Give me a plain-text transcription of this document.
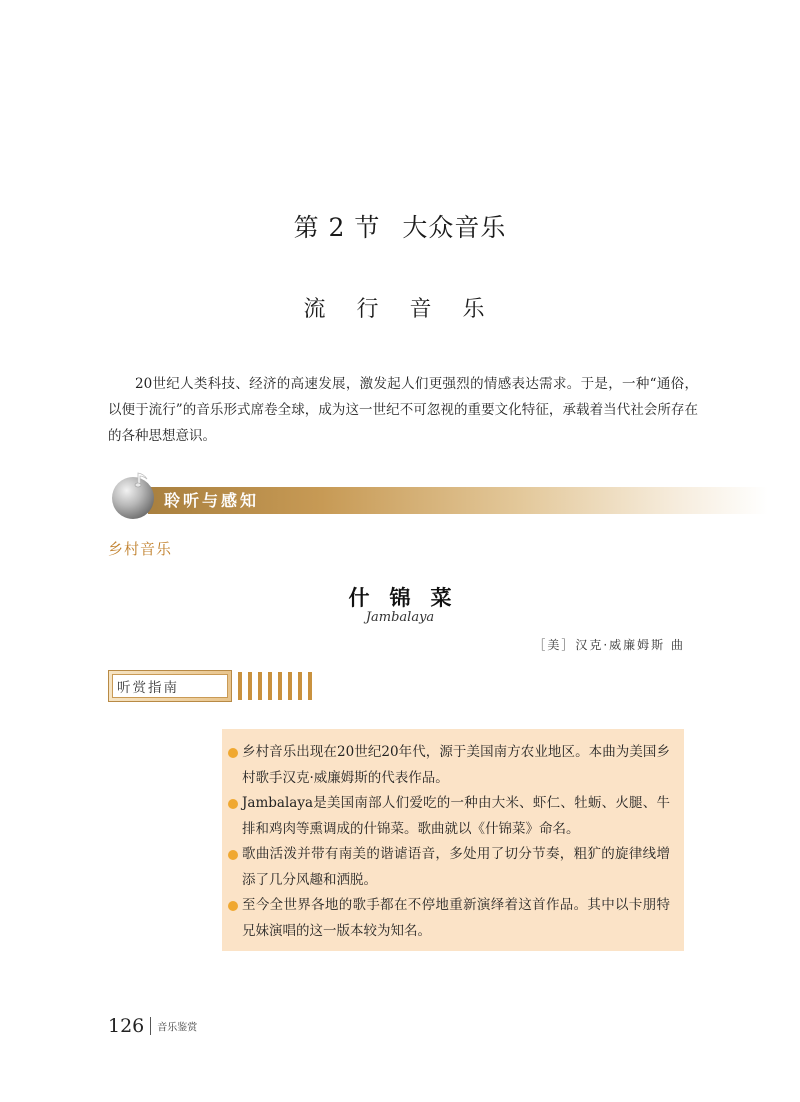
第 2 节 大众音乐
流 行 音 乐
20世纪人类科技、经济的高速发展，激发起人们更强烈的情感表达需求。于是，一种“通俗，以便于流行”的音乐形式席卷全球，成为这一世纪不可忽视的重要文化特征，承载着当代社会所存在的各种思想意识。
聆听与感知
乡村音乐
什锦菜
Jambalaya
［美］汉克·威廉姆斯 曲
听赏指南
乡村音乐出现在20世纪20年代，源于美国南方农业地区。本曲为美国乡村歌手汉克·威廉姆斯的代表作品。
Jambalaya是美国南部人们爱吃的一种由大米、虾仁、牡蛎、火腿、牛排和鸡肉等熏调成的什锦菜。歌曲就以《什锦菜》命名。
歌曲活泼并带有南美的谐谑语音，多处用了切分节奏，粗犷的旋律线增添了几分风趣和洒脱。
至今全世界各地的歌手都在不停地重新演绎着这首作品。其中以卡朋特兄妹演唱的这一版本较为知名。
126 音乐鉴赏
